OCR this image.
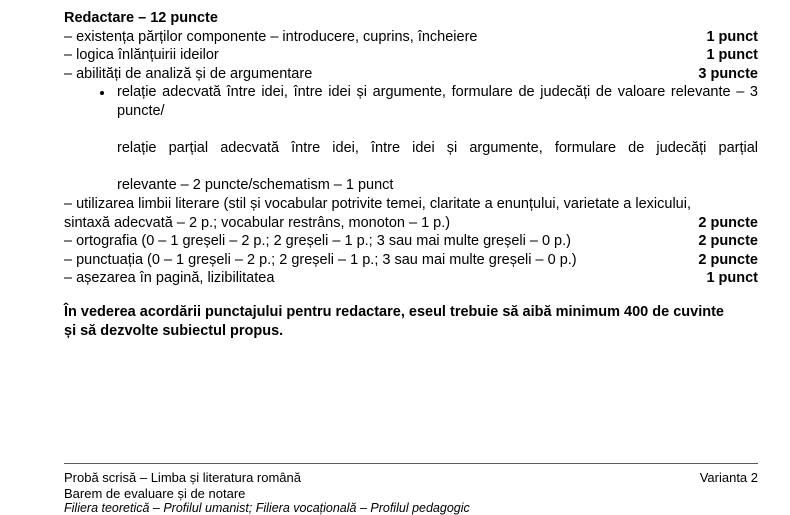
Redactare – 12 puncte
– existența părților componente – introducere, cuprins, încheiere	1 punct
– logica înlănțuirii ideilor	1 punct
– abilități de analiză și de argumentare	3 puncte
relație adecvată între idei, între idei și argumente, formulare de judecăți de valoare relevante – 3 puncte/relație parțial adecvată între idei, între idei și argumente, formulare de judecăți parțialrelevante – 2 puncte/schematism – 1 punct
– utilizarea limbii literare (stil și vocabular potrivite temei, claritate a enunțului, varietate a lexicului,
sintaxă adecvată – 2 p.; vocabular restrâns, monoton – 1 p.)	2 puncte
– ortografia (0 – 1 greșeli – 2 p.; 2 greșeli – 1 p.; 3 sau mai multe greșeli – 0 p.)	2 puncte
– punctuația (0 – 1 greșeli – 2 p.; 2 greșeli – 1 p.; 3 sau mai multe greșeli – 0 p.)	2 puncte
– așezarea în pagină, lizibilitatea	1 punct
În vederea acordării punctajului pentru redactare, eseul trebuie să aibă minimum 400 de cuvinte
și să dezvolte subiectul propus.
Probă scrisă – Limba și literatura română	Varianta 2
Barem de evaluare și de notare
Filiera teoretică – Profilul umanist; Filiera vocațională – Profilul pedagogic
